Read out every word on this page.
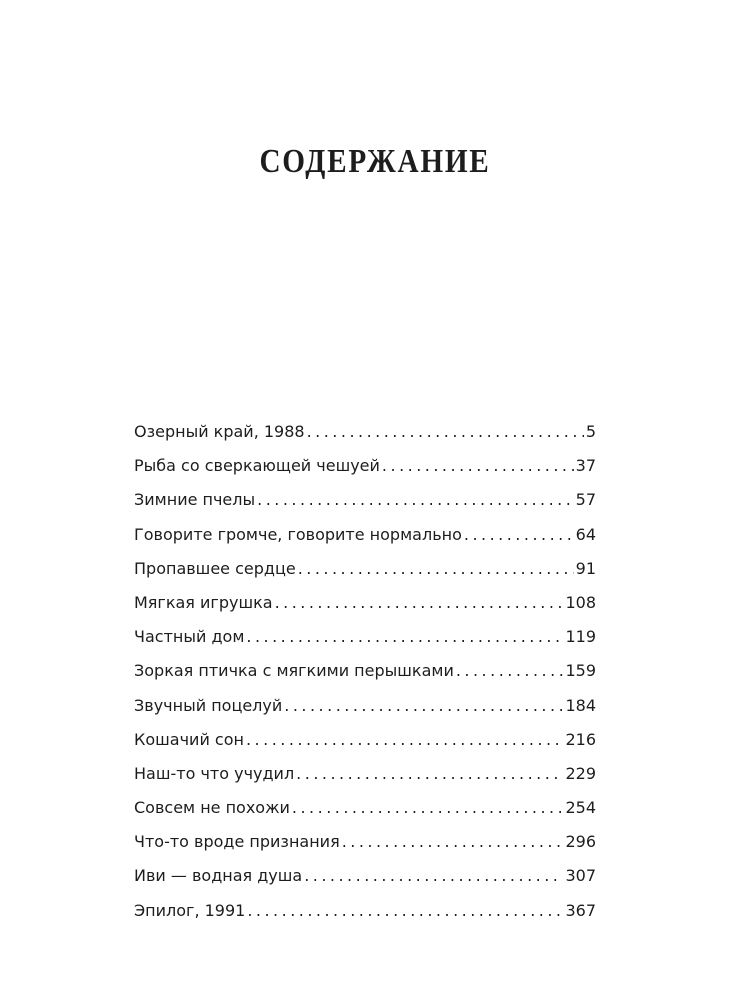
СОДЕРЖАНИЕ
Озерный край, 1988 . . .	5
Рыба со сверкающей чешуей . . .	37
Зимние пчелы . . .	57
Говорите громче, говорите нормально . . .	64
Пропавшее сердце . . .	91
Мягкая игрушка . . .	108
Частный дом . . .	119
Зоркая птичка с мягкими перышками . . .	159
Звучный поцелуй . . .	184
Кошачий сон . . .	216
Наш-то что учудил . . .	229
Совсем не похожи . . .	254
Что-то вроде признания . . .	296
Иви — водная душа . . .	307
Эпилог, 1991 . . .	367
